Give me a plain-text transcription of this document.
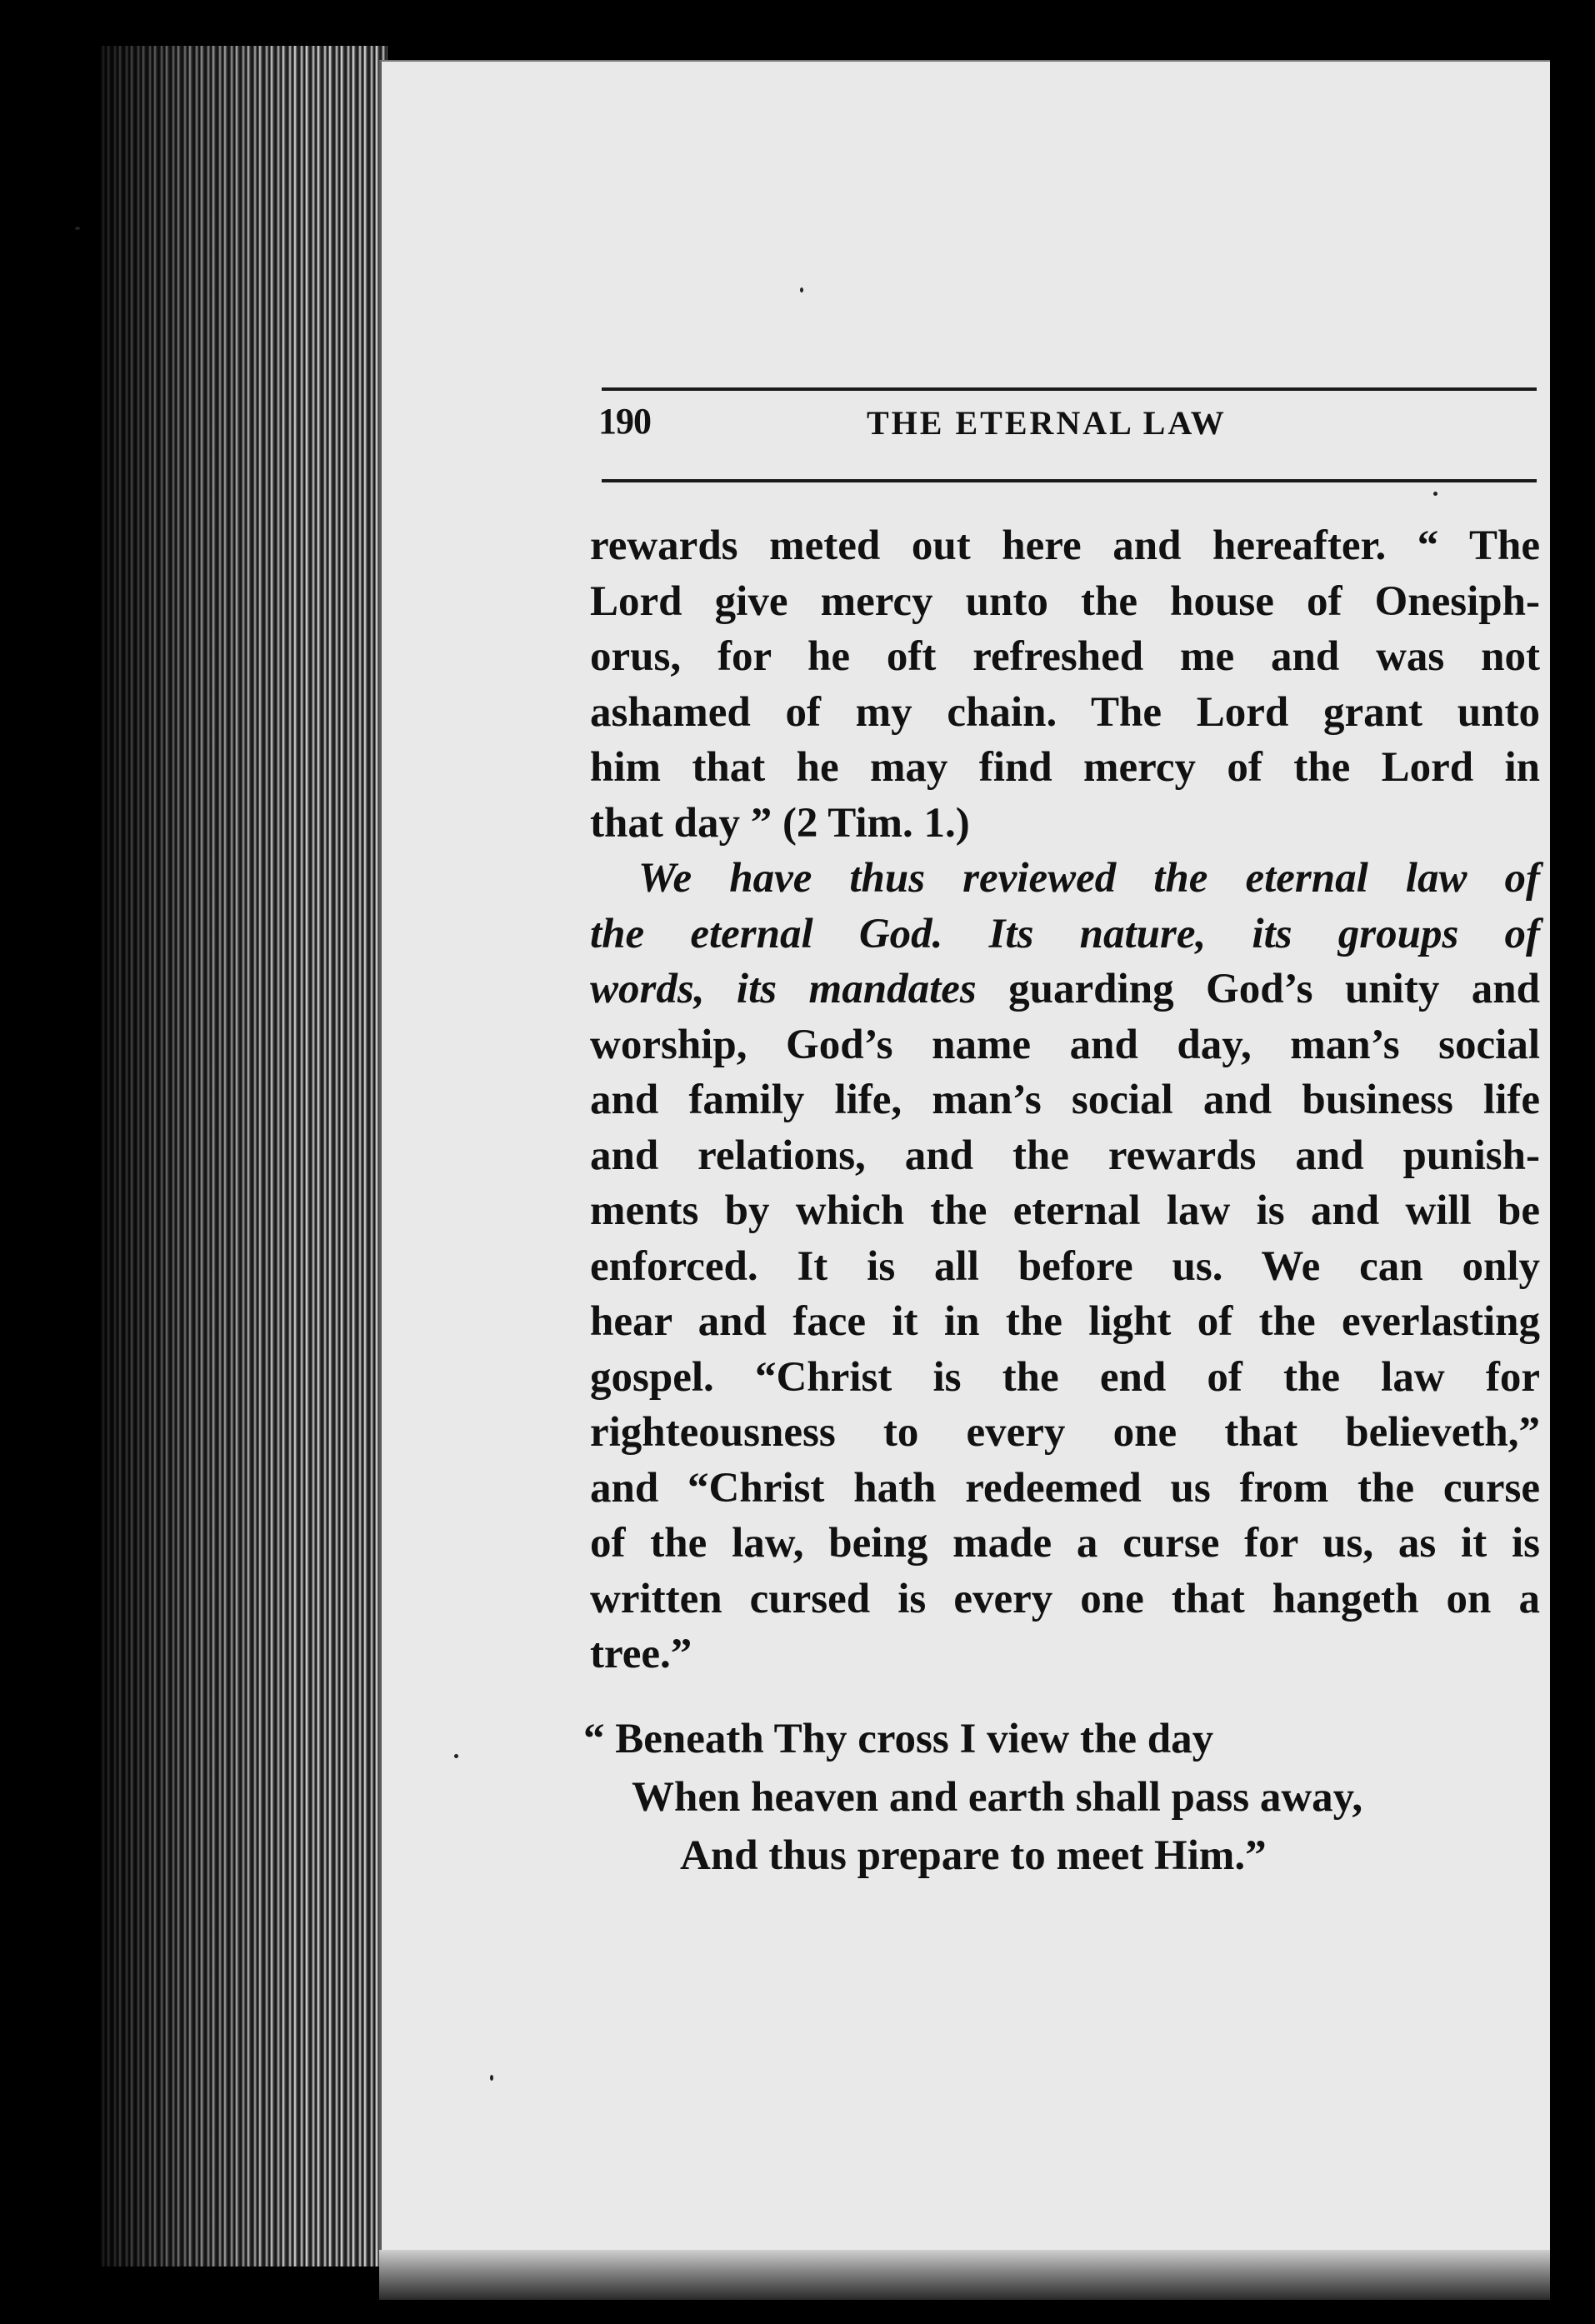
190	THE ETERNAL LAW
rewards meted out here and hereafter. “ The
Lord give mercy unto the house of Onesiph-
orus, for he oft refreshed me and was not
ashamed of my chain. The Lord grant unto
him that he may find mercy of the Lord in
that day ” (2 Tim. 1.)
We have thus reviewed the eternal law of
the eternal God. Its nature, its groups of
words, its mandates guarding God’s unity and
worship, God’s name and day, man’s social
and family life, man’s social and business life
and relations, and the rewards and punish-
ments by which the eternal law is and will be
enforced. It is all before us. We can only
hear and face it in the light of the everlasting
gospel. “Christ is the end of the law for
righteousness to every one that believeth,”
and “Christ hath redeemed us from the curse
of the law, being made a curse for us, as it is
written cursed is every one that hangeth on a
tree.”
“ Beneath Thy cross I view the day
When heaven and earth shall pass away,
And thus prepare to meet Him.”
